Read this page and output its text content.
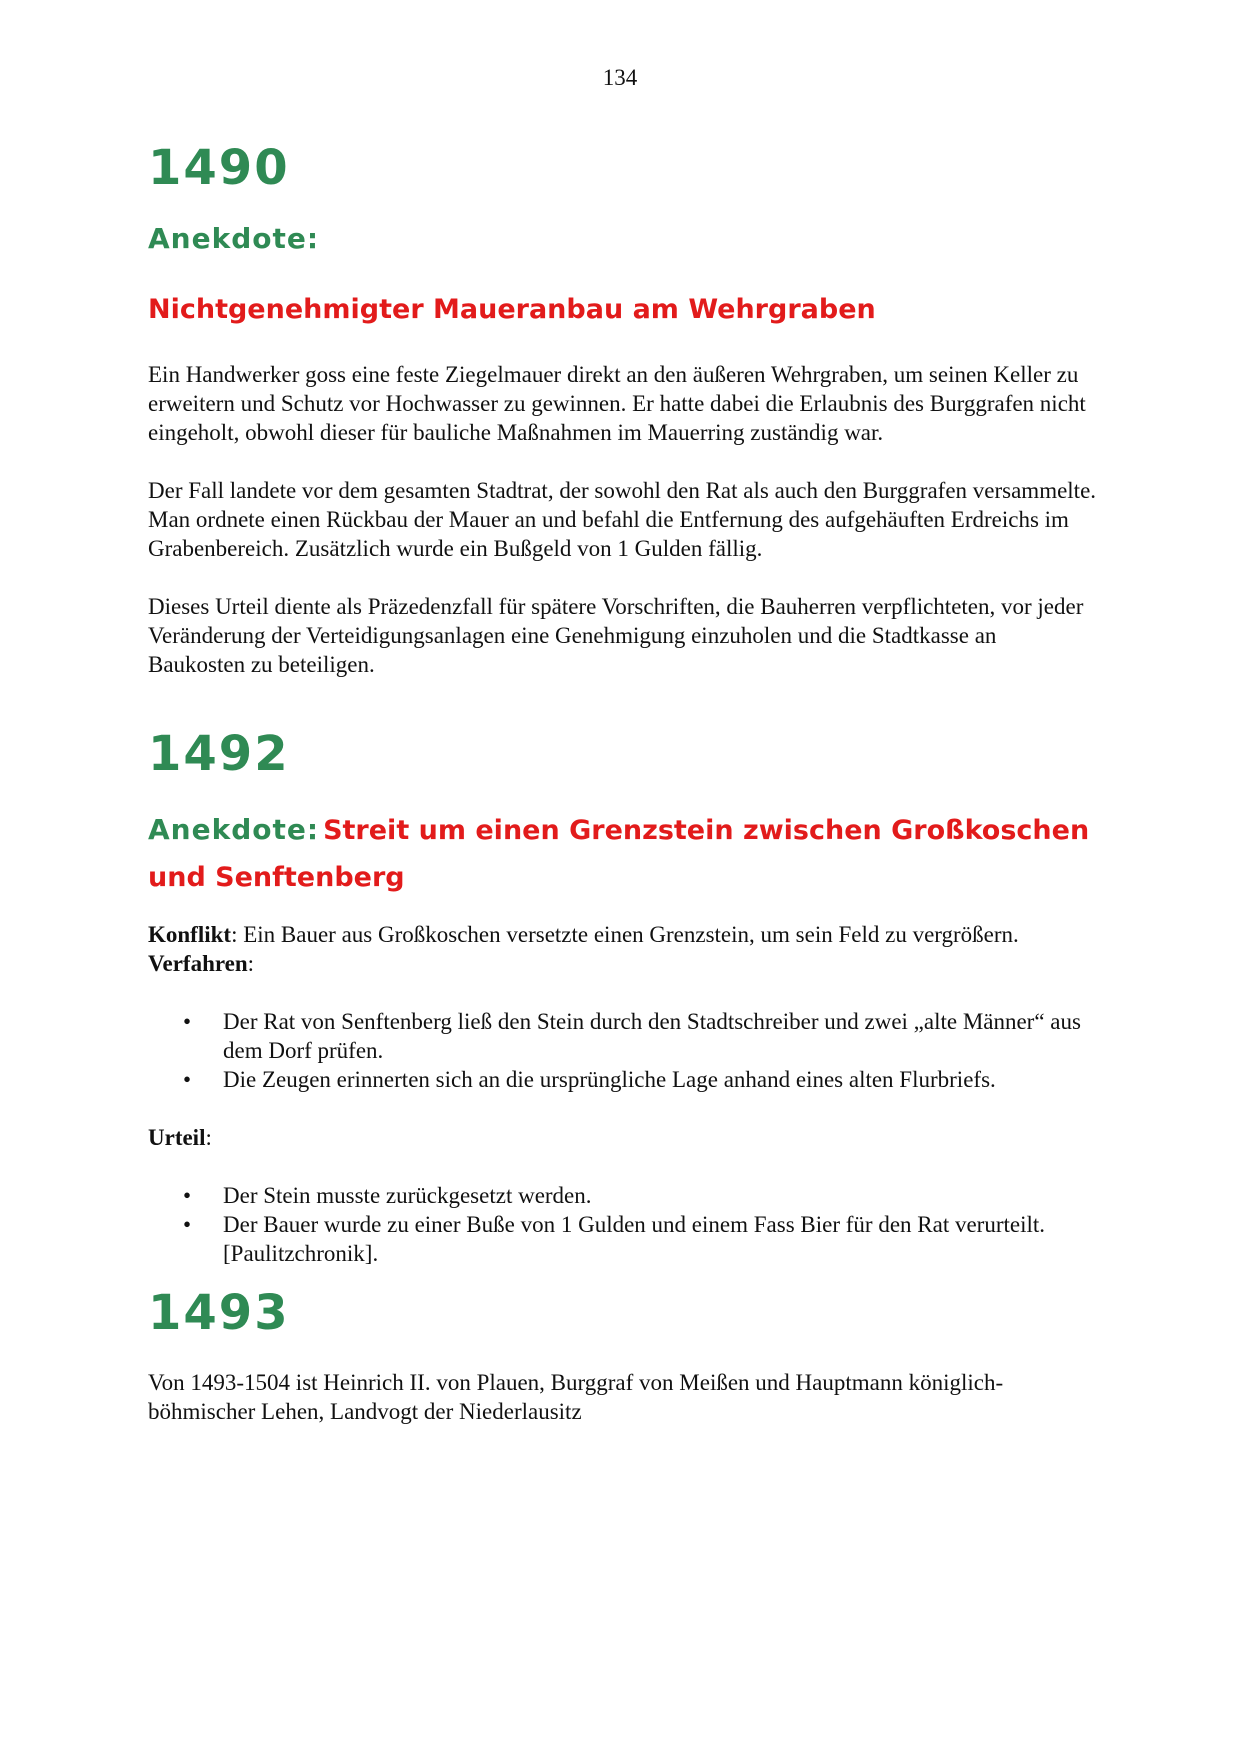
134
1490
Anekdote:
Nichtgenehmigter Maueranbau am Wehrgraben

Ein Handwerker goss eine feste Ziegelmauer direkt an den äußeren Wehrgraben, um seinen Keller zu erweitern und Schutz vor Hochwasser zu gewinnen. Er hatte dabei die Erlaubnis des Burggrafen nicht eingeholt, obwohl dieser für bauliche Maßnahmen im Mauerring zuständig war.

Der Fall landete vor dem gesamten Stadtrat, der sowohl den Rat als auch den Burggrafen versammelte. Man ordnete einen Rückbau der Mauer an und befahl die Entfernung des aufgehäuften Erdreichs im Grabenbereich. Zusätzlich wurde ein Bußgeld von 1 Gulden fällig.

Dieses Urteil diente als Präzedenzfall für spätere Vorschriften, die Bauherren verpflichteten, vor jeder Veränderung der Verteidigungsanlagen eine Genehmigung einzuholen und die Stadtkasse an Baukosten zu beteiligen.

1492
Anekdote: Streit um einen Grenzstein zwischen Großkoschen und Senftenberg

Konflikt: Ein Bauer aus Großkoschen versetzte einen Grenzstein, um sein Feld zu vergrößern. Verfahren:

• Der Rat von Senftenberg ließ den Stein durch den Stadtschreiber und zwei „alte Männer“ aus dem Dorf prüfen.
• Die Zeugen erinnerten sich an die ursprüngliche Lage anhand eines alten Flurbriefs.

Urteil:

• Der Stein musste zurückgesetzt werden.
• Der Bauer wurde zu einer Buße von 1 Gulden und einem Fass Bier für den Rat verurteilt. [Paulitzchronik].
1493

Von 1493-1504 ist Heinrich II. von Plauen, Burggraf von Meißen und Hauptmann königlich-böhmischer Lehen, Landvogt der Niederlausitz
